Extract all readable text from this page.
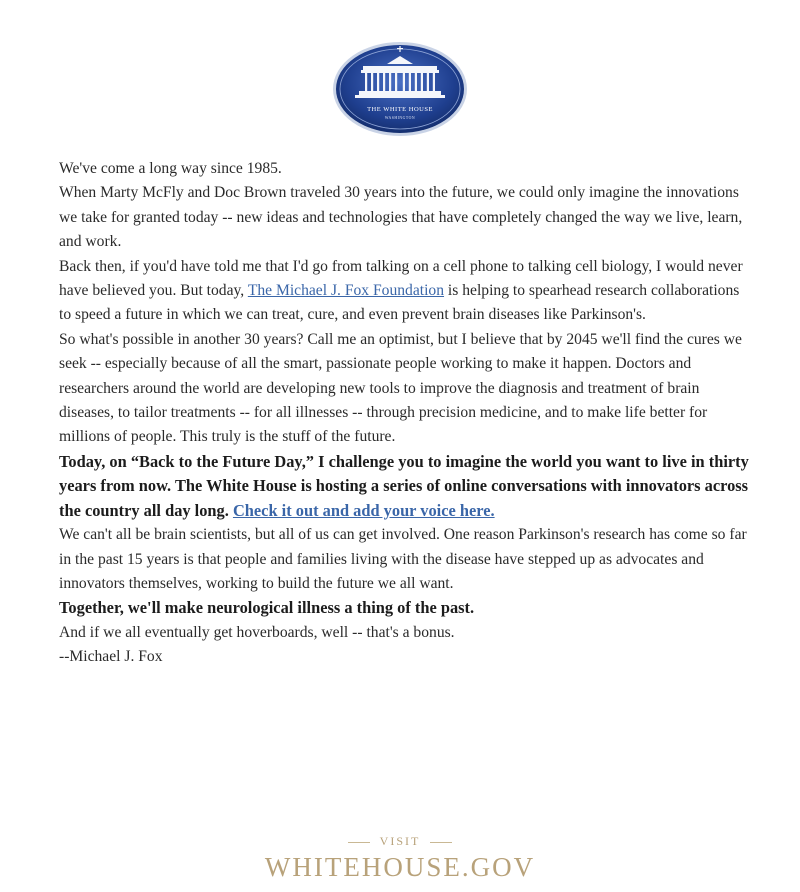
THE WHITE HOUSE
WASHINGTON

We've come a long way since 1985.

When Marty McFly and Doc Brown traveled 30 years into the future, we could only imagine the innovations we take for granted today -- new ideas and technologies that have completely changed the way we live, learn, and work.

Back then, if you'd have told me that I'd go from talking on a cell phone to talking cell biology, I would never have believed you. But today, The Michael J. Fox Foundation is helping to spearhead research collaborations to speed a future in which we can treat, cure, and even prevent brain diseases like Parkinson's.

So what's possible in another 30 years? Call me an optimist, but I believe that by 2045 we'll find the cures we seek -- especially because of all the smart, passionate people working to make it happen. Doctors and researchers around the world are developing new tools to improve the diagnosis and treatment of brain diseases, to tailor treatments -- for all illnesses -- through precision medicine, and to make life better for millions of people. This truly is the stuff of the future.

Today, on “Back to the Future Day,” I challenge you to imagine the world you want to live in thirty years from now. The White House is hosting a series of online conversations with innovators across the country all day long. Check it out and add your voice here.

We can't all be brain scientists, but all of us can get involved. One reason Parkinson's research has come so far in the past 15 years is that people and families living with the disease have stepped up as advocates and innovators themselves, working to build the future we all want.

Together, we'll make neurological illness a thing of the past.

And if we all eventually get hoverboards, well -- that's a bonus.

--Michael J. Fox

VISIT
WHITEHOUSE.GOV
